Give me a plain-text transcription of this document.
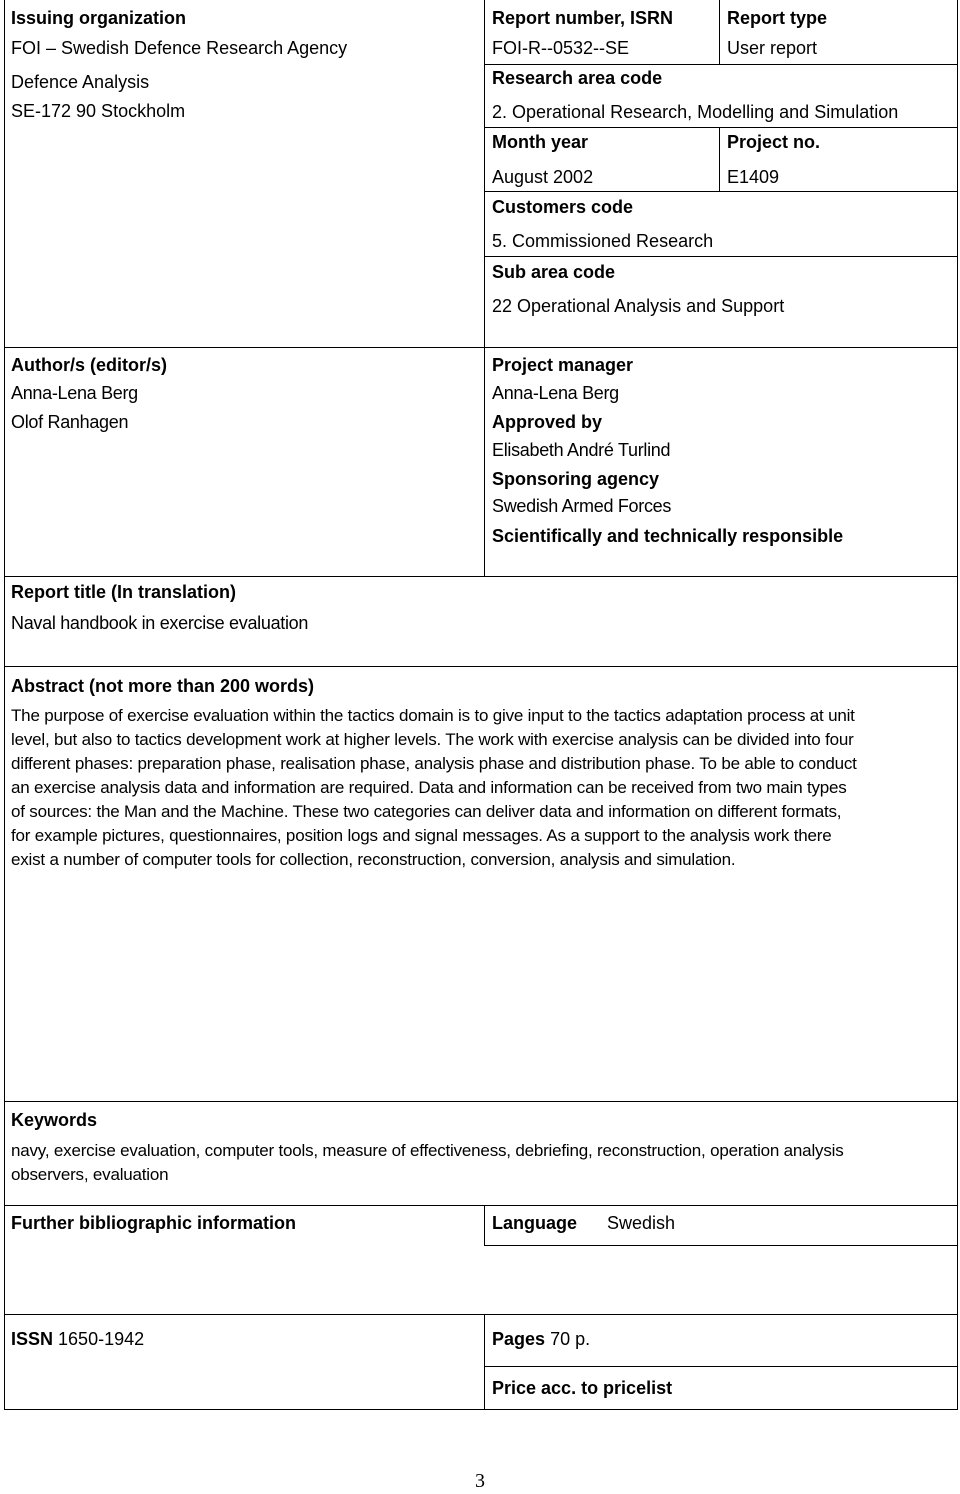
Issuing organization
FOI – Swedish Defence Research Agency
Defence Analysis
SE-172 90 Stockholm
Report number, ISRN
FOI-R--0532--SE
Report type
User report
Research area code
2. Operational Research, Modelling and Simulation
Month year
August 2002
Project no.
E1409
Customers code
5. Commissioned Research
Sub area code
22 Operational Analysis and Support
Author/s (editor/s)
Anna-Lena Berg
Olof Ranhagen
Project manager
Anna-Lena Berg
Approved by
Elisabeth André Turlind
Sponsoring agency
Swedish Armed Forces
Scientifically and technically responsible
Report title (In translation)
Naval handbook in exercise evaluation
Abstract (not more than 200 words)
The purpose of exercise evaluation within the tactics domain is to give input to the tactics adaptation process at unit
level, but also to tactics development work at higher levels. The work with exercise analysis can be divided into four
different phases: preparation phase, realisation phase, analysis phase and distribution phase. To be able to conduct
an exercise analysis data and information are required. Data and information can be received from two main types
of sources: the Man and the Machine. These two categories can deliver data and information on different formats,
for example pictures, questionnaires, position logs and signal messages. As a support to the analysis work there
exist a number of computer tools for collection, reconstruction, conversion, analysis and simulation.
Keywords
navy, exercise evaluation, computer tools, measure of effectiveness, debriefing, reconstruction, operation analysis
observers, evaluation
Further bibliographic information	Language Swedish
ISSN 1650-1942	Pages 70 p.
Price acc. to pricelist
3
